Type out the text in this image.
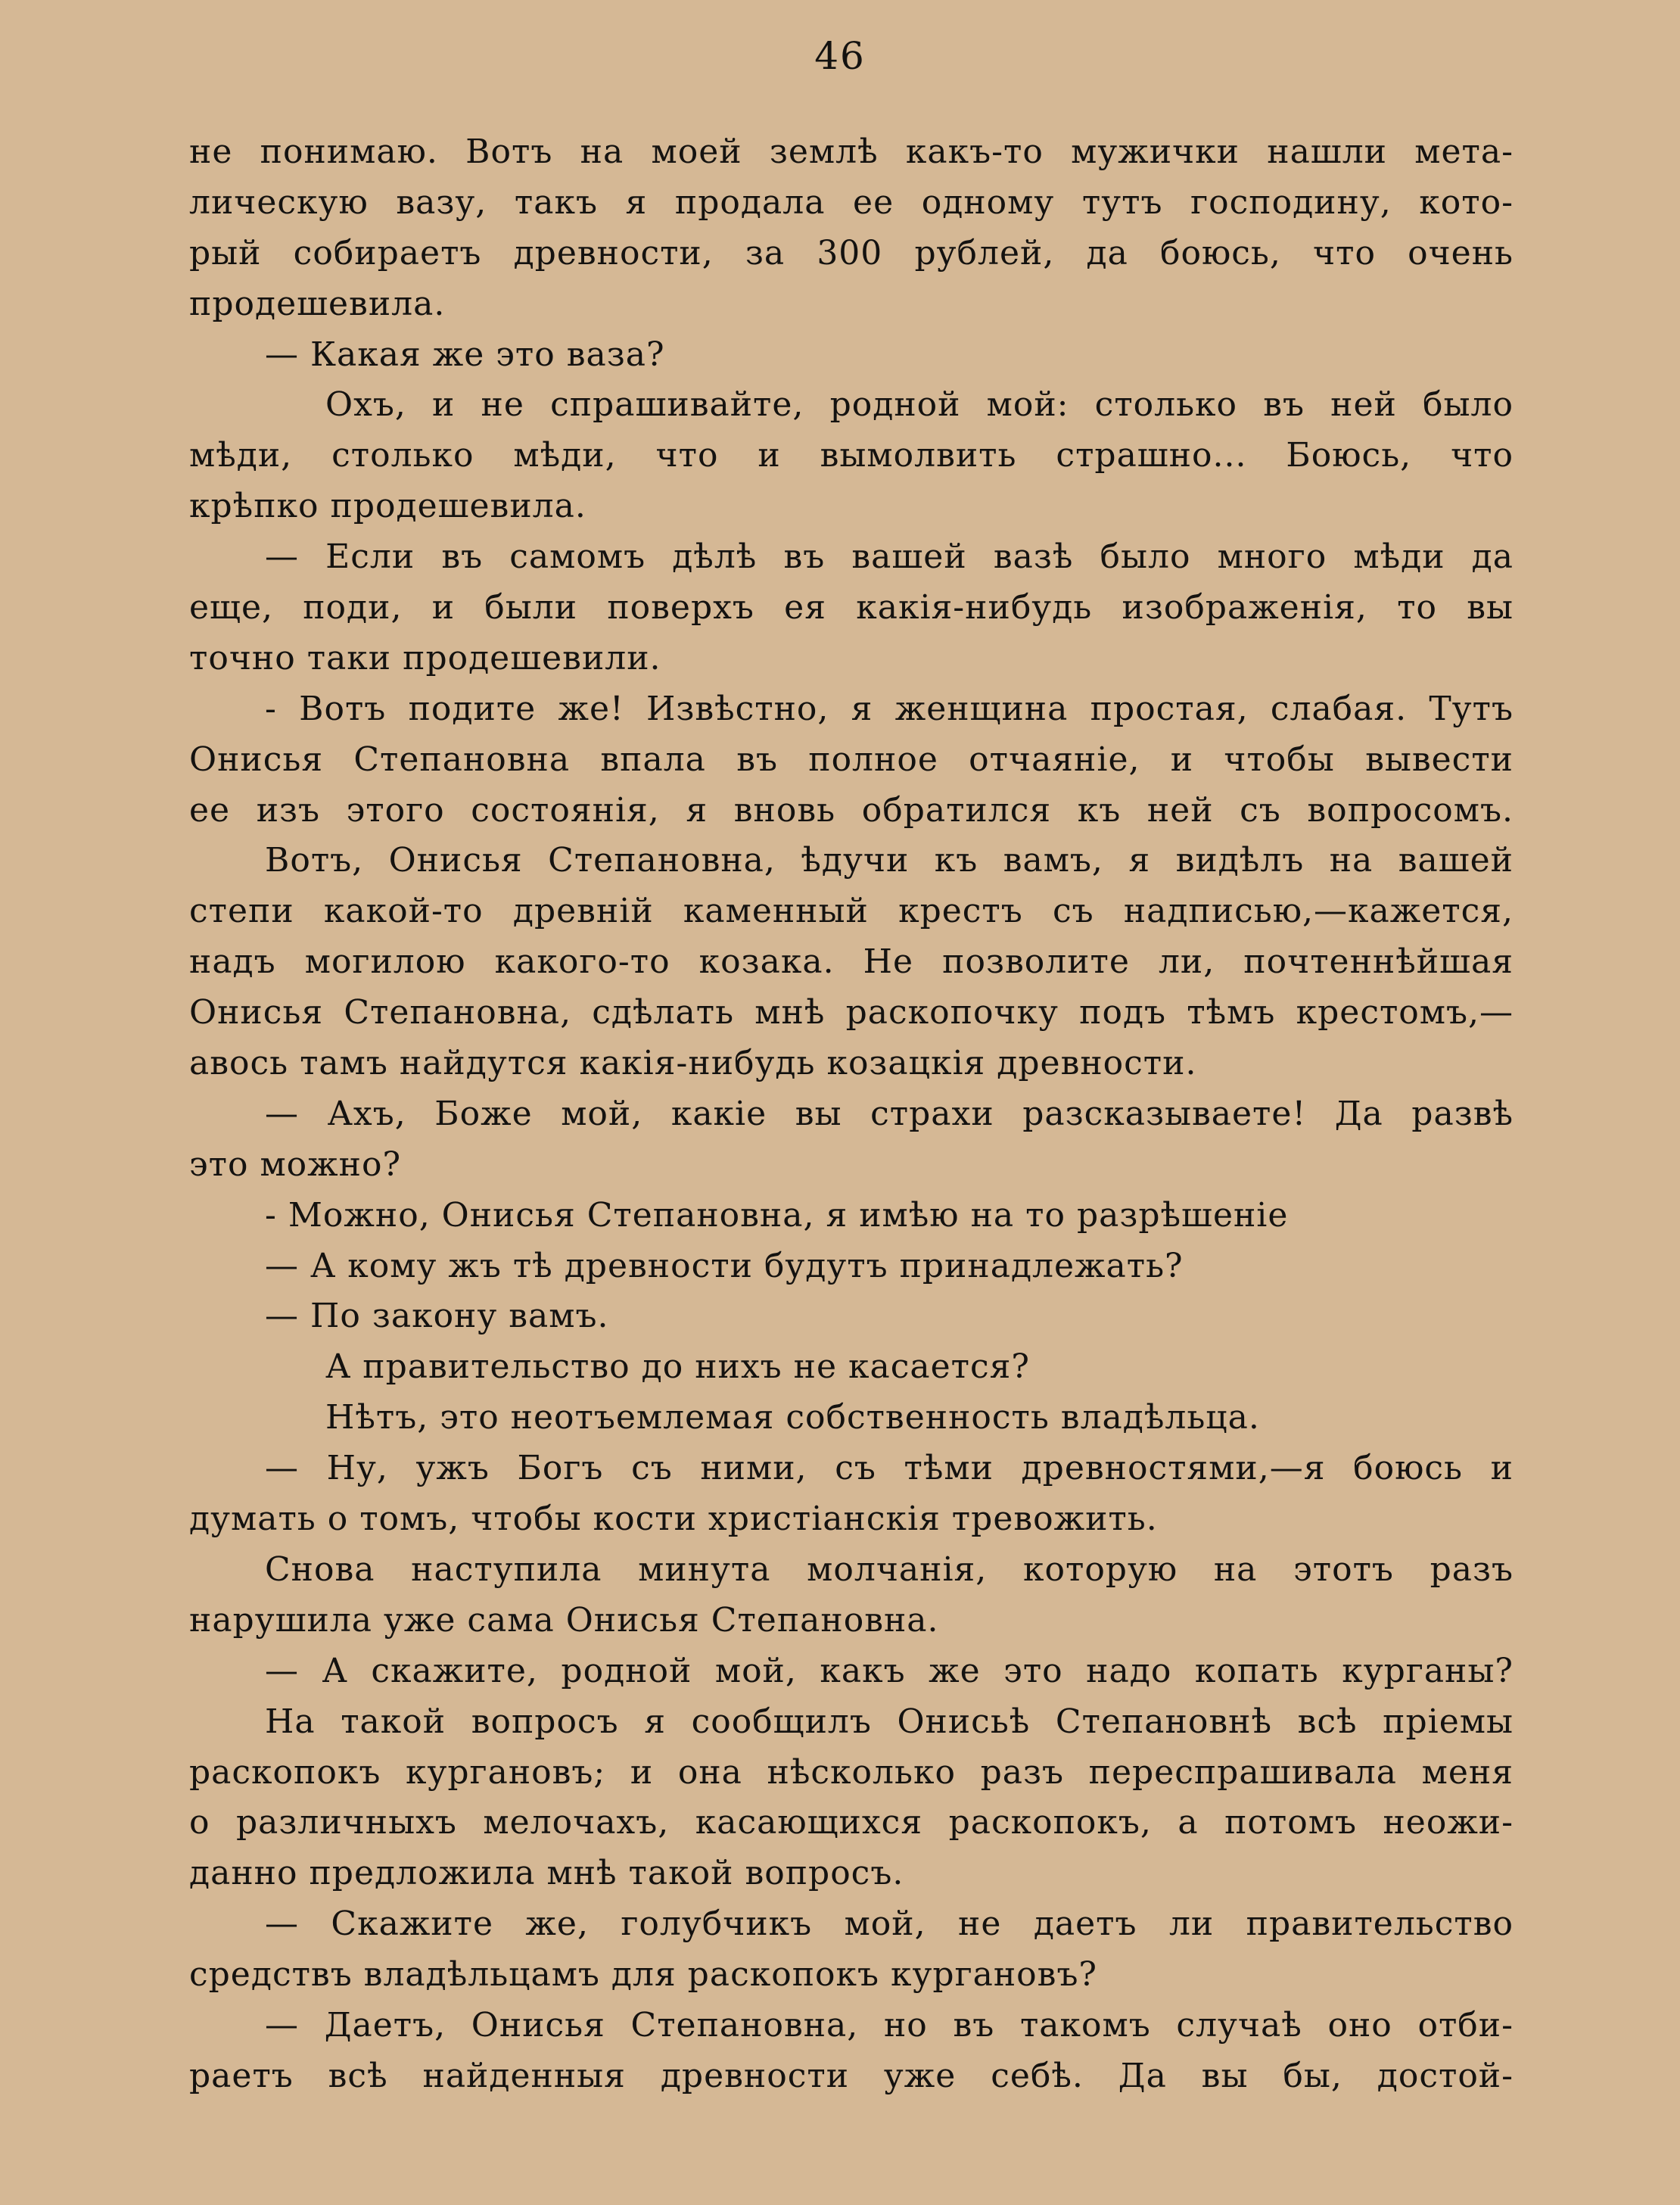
46
не понимаю. Вотъ на моей землѣ какъ-то мужички нашли мета-
лическую вазу, такъ я продала ее одному тутъ господину, кото-
рый собираетъ древности, за 300 рублей, да боюсь, что очень
продешевила.
— Какая же это ваза?
Охъ, и не спрашивайте, родной мой: столько въ ней было
мѣди, столько мѣди, что и вымолвить страшно... Боюсь, что
крѣпко продешевила.
— Если въ самомъ дѣлѣ въ вашей вазѣ было много мѣди да
еще, поди, и были поверхъ ея какія-нибудь изображенія, то вы
точно таки продешевили.
- Вотъ подите же! Извѣстно, я женщина простая, слабая. Тутъ
Онисья Степановна впала въ полное отчаяніе, и чтобы вывести
ее изъ этого состоянія, я вновь обратился къ ней съ вопросомъ.
Вотъ, Онисья Степановна, ѣдучи къ вамъ, я видѣлъ на вашей
степи какой-то древній каменный крестъ съ надписью,—кажется,
надъ могилою какого-то козака. Не позволите ли, почтеннѣйшая
Онисья Степановна, сдѣлать мнѣ раскопочку подъ тѣмъ крестомъ,—
авось тамъ найдутся какія-нибудь козацкія древности.
— Ахъ, Боже мой, какіе вы страхи разсказываете! Да развѣ
это можно?
- Можно, Онисья Степановна, я имѣю на то разрѣшеніе
— А кому жъ тѣ древности будутъ принадлежать?
— По закону вамъ.
А правительство до нихъ не касается?
Нѣтъ, это неотъемлемая собственность владѣльца.
— Ну, ужъ Богъ съ ними, съ тѣми древностями,—я боюсь и
думать о томъ, чтобы кости христіанскія тревожить.
Снова наступила минута молчанія, которую на этотъ разъ
нарушила уже сама Онисья Степановна.
— А скажите, родной мой, какъ же это надо копать курганы?
На такой вопросъ я сообщилъ Онисьѣ Степановнѣ всѣ пріемы
раскопокъ кургановъ; и она нѣсколько разъ переспрашивала меня
о различныхъ мелочахъ, касающихся раскопокъ, а потомъ неожи-
данно предложила мнѣ такой вопросъ.
— Скажите же, голубчикъ мой, не даетъ ли правительство
средствъ владѣльцамъ для раскопокъ кургановъ?
— Даетъ, Онисья Степановна, но въ такомъ случаѣ оно отби-
раетъ всѣ найденныя древности уже себѣ. Да вы бы, достой-
